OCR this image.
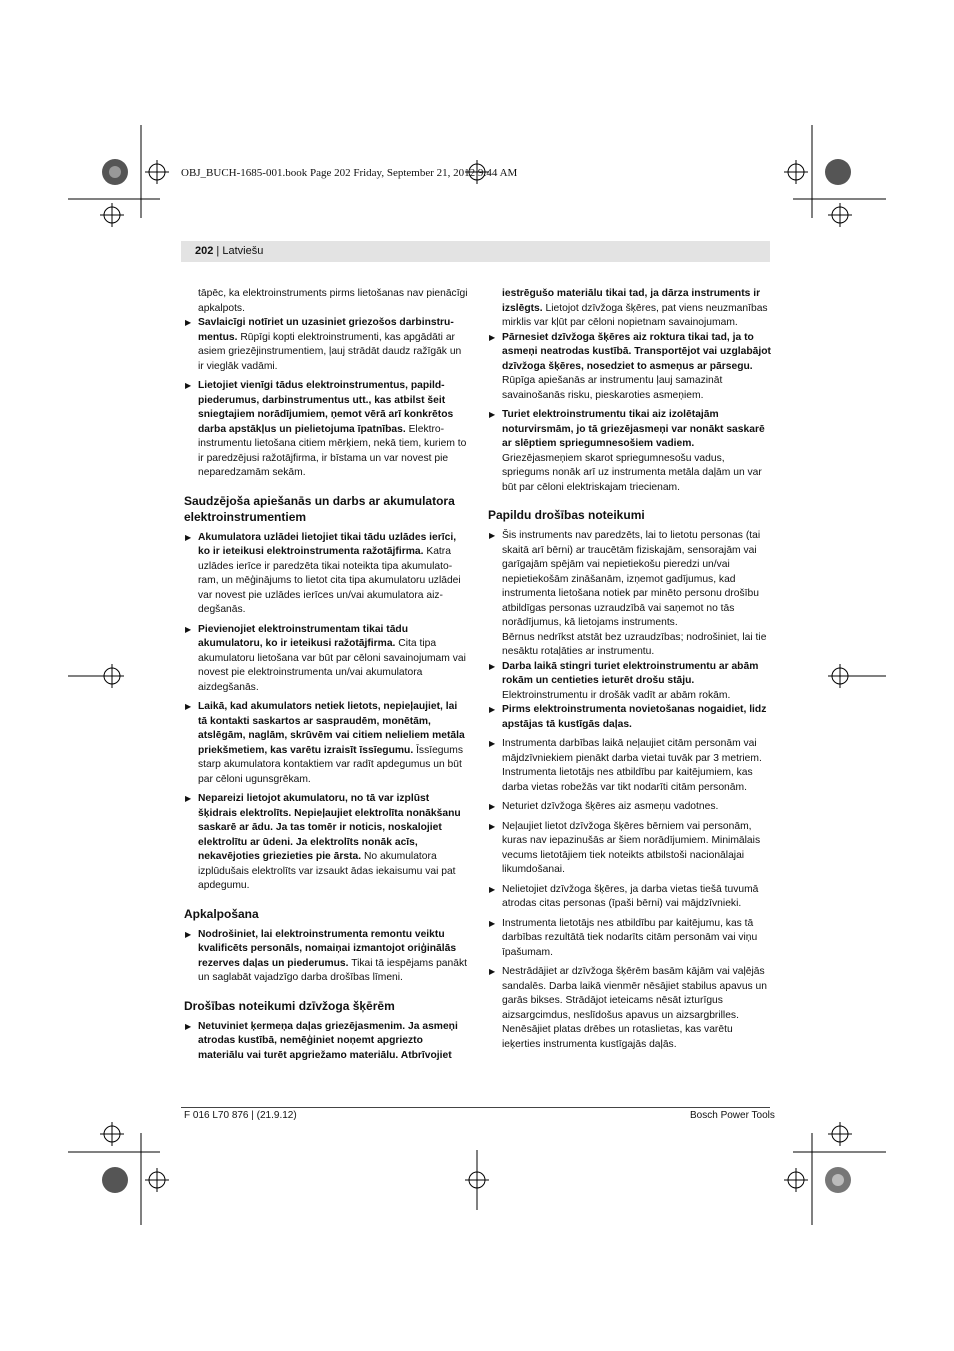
OBJ_BUCH-1685-001.book Page 202 Friday, September 21, 2012 9:44 AM
202 | Latviešu

tāpēc, ka elektroinstruments pirms lietošanas nav pienācīgi apkalpots.

▶ Savlaicīgi notīriet un uzasiniet griezošos darbinstru-mentus. Rūpīgi kopti elektroinstrumenti, kas apgādāti ar asiem griezējinstrumentiem, ļauj strādāt daudz ražīgāk un ir vieglāk vadāmi.
▶ Lietojiet vienīgi tādus elektroinstrumentus, papild-piederumus, darbinstrumentus utt., kas atbilst šeit sniegtajiem norādījumiem, ņemot vērā arī konkrētos darba apstākļus un pielietojuma īpatnības. Elektro-instrumentu lietošana citiem mērķiem, nekā tiem, kuriem to ir paredzējusi ražotājfirma, ir bīstama un var novest pie neparedzamām sekām.
Saudzējoša apiešanās un darbs ar akumulatora elektroinstrumentiem
▶ Akumulatora uzlādei lietojiet tikai tādu uzlādes ierīci, ko ir ieteikusi elektroinstrumenta ražotājfirma. Katra uzlādes ierīce ir paredzēta tikai noteikta tipa akumulato-ram, un mēģinājums to lietot cita tipa akumulatoru uzlādei var novest pie uzlādes ierīces un/vai akumulatora aiz-degšanās.
▶ Pievienojiet elektroinstrumentam tikai tādu akumulatoru, ko ir ieteikusi ražotājfirma. Cita tipa akumulatoru lietošana var būt par cēloni savainojumam vai novest pie elektroinstrumenta un/vai akumulatora aizdegšanās.
▶ Laikā, kad akumulators netiek lietots, nepieļaujiet, lai tā kontakti saskartos ar saspraudēm, monētām, atslēgām, naglām, skrūvēm vai citiem nelieliem metāla priekšmetiem, kas varētu izraisīt īssīegumu. Īssīegums starp akumulatora kontaktiem var radīt apdegumus un būt par cēloni ugunsgrēkam.
▶ Nepareizi lietojot akumulatoru, no tā var izplūst šķidrais elektrolīts. Nepieļaujiet elektrolīta nonākšanu saskarē ar ādu. Ja tas tomēr ir noticis, noskalojiet elektrolītu ar ūdeni. Ja elektrolīts nonāk acīs, nekavējoties griezieties pie ārsta. No akumulatora izplūdušais elektrolīts var izsaukt ādas iekaisumu vai pat apdegumu.
Apkalpošana
▶ Nodrošiniet, lai elektroinstrumenta remontu veiktu kvalificēts personāls, nomaiņai izmantojot oriģinālās rezerves daļas un piederumus. Tikai tā iespējams panākt un saglabāt vajadzīgo darba drošības līmeni.
Drošības noteikumi dzīvžoga šķērēm
▶ Netuviniet ķermeņa daļas griezējasmenim. Ja asmeņi atrodas kustībā, nemēģiniet noņemt apgriezto materiālu vai turēt apgriežamo materiālu. Atbrīvojiet

iestrēgušo materiālu tikai tad, ja dārza instruments ir izslēgts. Lietojot dzīvžoga šķēres, pat viens neuzmanības mirklis var kļūt par cēloni nopietnam savainojumam.

▶ Pārnesiet dzīvžoga šķēres aiz roktura tikai tad, ja to asmeņi neatrodas kustībā. Transportējot vai uzglabājot dzīvžoga šķēres, nosedziet to asmeņus ar pārsegu. Rūpīga apiešanās ar instrumentu ļauj samazināt savainošanās risku, pieskaroties asmeņiem.
▶ Turiet elektroinstrumentu tikai aiz izolētajām noturvirsmām, jo tā griezējasmeņi var nonākt saskarē ar slēptiem spriegumnesošiem vadiem. Griezējasmeņiem skarot spriegumnesošu vadus, spriegums nonāk arī uz instrumenta metāla daļām un var būt par cēloni elektriskajam triecienam.
Papildu drošības noteikumi
▶ Šis instruments nav paredzēts, lai to lietotu personas (tai skaitā arī bērni) ar traucētām fiziskajām, sensorajām vai garīgajām spējām vai nepietiekošu pieredzi un/vai nepietiekošām zināšanām, izņemot gadījumus, kad instrumenta lietošana notiek par minēto personu drošību atbildīgas personas uzraudzībā vai saņemot no tās norādījumus, kā lietojams instruments.

Bērnus nedrīkst atstāt bez uzraudzības; nodrošiniet, lai tie nesāktu rotaļāties ar instrumentu.

▶ Darba laikā stingri turiet elektroinstrumentu ar abām rokām un centieties ieturēt drošu stāju.

Elektroinstrumentu ir drošāk vadīt ar abām rokām.

▶ Pirms elektroinstrumenta novietošanas nogaidiet, lidz apstājas tā kustīgās daļas.
▶ Instrumenta darbības laikā neļaujiet citām personām vai mājdzīvniekiem pienākt darba vietai tuvāk par 3 metriem. Instrumenta lietotājs nes atbildību par kaitējumiem, kas darba vietas robežās var tikt nodarīti citām personām.
▶ Neturiet dzīvžoga šķēres aiz asmeņu vadotnes.
▶ Neļaujiet lietot dzīvžoga šķēres bērniem vai personām, kuras nav iepazinušās ar šiem norādījumiem. Minimālais vecums lietotājiem tiek noteikts atbilstoši nacionālajai likumdošanai.
▶ Nelietojiet dzīvžoga šķēres, ja darba vietas tiešā tuvumā atrodas citas personas (īpaši bērni) vai mājdzīvnieki.
▶ Instrumenta lietotājs nes atbildību par kaitējumu, kas tā darbības rezultātā tiek nodarīts citām personām vai viņu īpašumam.
▶ Nestrādājiet ar dzīvžoga šķērēm basām kājām vai vaļējās sandalēs. Darba laikā vienmēr nēsājiet stabilus apavus un garās bikses. Strādājot ieteicams nēsāt izturīgus aizsargcimdus, neslīdošus apavus un aizsargbrilles. Nenēsājiet platas drēbes un rotaslietas, kas varētu ieķerties instrumenta kustīgajās daļās.
F 016 L70 876 | (21.9.12)	Bosch Power Tools
